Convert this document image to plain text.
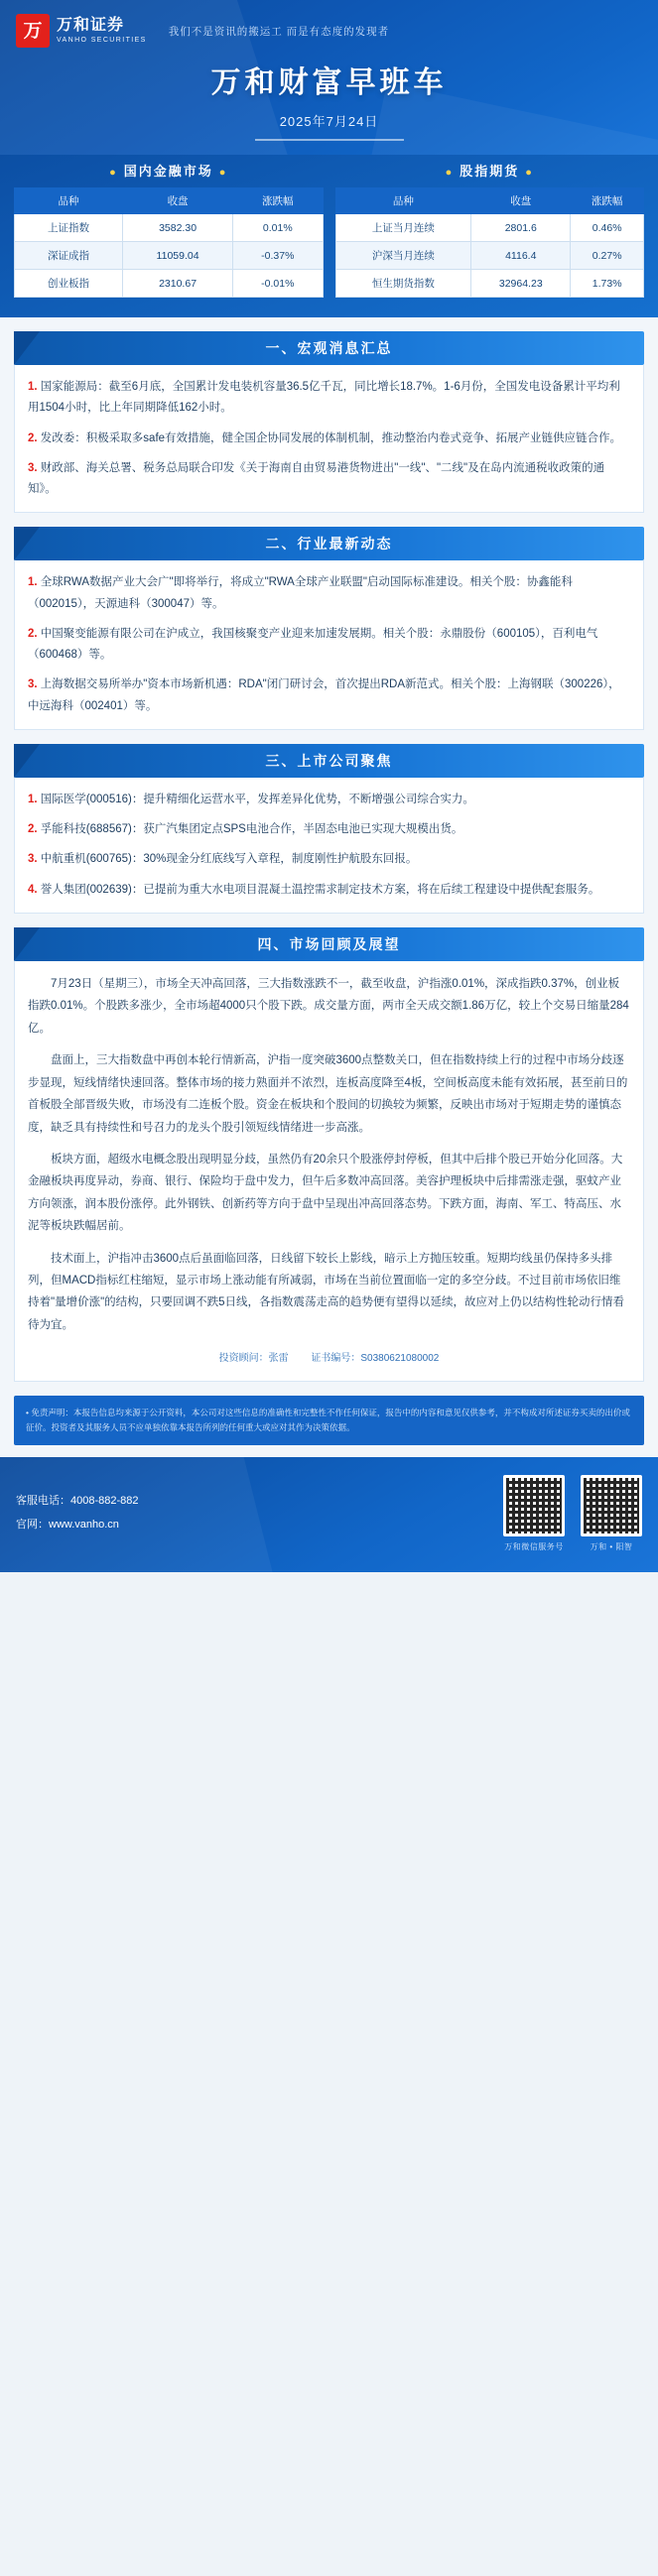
万 万和证券
VANHO SECURITIES
我们不是资讯的搬运工 而是有态度的发现者
万和财富早班车
2025年7月24日
● 国内金融市场 ●
品种	收盘	涨跌幅
上证指数	3582.30	0.01%
深证成指	11059.04	-0.37%
创业板指	2310.67	-0.01%
● 股指期货 ●
品种	收盘	涨跌幅
上证当月连续	2801.6	0.46%
沪深当月连续	4116.4	0.27%
恒生期货指数	32964.23	1.73%
一、宏观消息汇总
1. 国家能源局：截至6月底，全国累计发电装机容量36.5亿千瓦，同比增长18.7%。1-6月份，全国发电设备累计平均利用1504小时，比上年同期降低162小时。
2. 发改委：积极采取多safe有效措施，健全国企协同发展的体制机制，推动整治内卷式竞争、拓展产业链供应链合作。
3. 财政部、海关总署、税务总局联合印发《关于海南自由贸易港货物进出"一线"、"二线"及在岛内流通税收政策的通知》。
二、行业最新动态
1. 全球RWA数据产业大会广"即将举行，将成立"RWA全球产业联盟"启动国际标准建设。相关个股：协鑫能科（002015），天源迪科（300047）等。
2. 中国聚变能源有限公司在沪成立，我国核聚变产业迎来加速发展期。相关个股：永鼎股份（600105），百利电气（600468）等。
3. 上海数据交易所举办"资本市场新机遇：RDA"闭门研讨会，首次提出RDA新范式。相关个股：上海钢联（300226），中远海科（002401）等。
三、上市公司聚焦
1. 国际医学(000516)：提升精细化运营水平，发挥差异化优势，不断增强公司综合实力。
2. 孚能科技(688567)：获广汽集团定点SPS电池合作，半固态电池已实现大规模出货。
3. 中航重机(600765)：30%现金分红底线写入章程，制度刚性护航股东回报。
4. 誉人集团(002639)：已提前为重大水电项目混凝土温控需求制定技术方案，将在后续工程建设中提供配套服务。
四、市场回顾及展望

7月23日（星期三），市场全天冲高回落，三大指数涨跌不一，截至收盘，沪指涨0.01%，深成指跌0.37%，创业板指跌0.01%。个股跌多涨少，全市场超4000只个股下跌。成交量方面，两市全天成交额1.86万亿，较上个交易日缩量284亿。

盘面上，三大指数盘中再创本轮行情新高，沪指一度突破3600点整数关口，但在指数持续上行的过程中市场分歧逐步显现，短线情绪快速回落。整体市场的接力熟面并不浓烈，连板高度降至4板，空间板高度未能有效拓展，甚至前日的首板股全部晋级失败，市场没有二连板个股。资金在板块和个股间的切换较为频繁，反映出市场对于短期走势的谨慎态度，缺乏具有持续性和号召力的龙头个股引领短线情绪进一步高涨。

板块方面，超级水电概念股出现明显分歧，虽然仍有20余只个股涨停封停板，但其中后排个股已开始分化回落。大金融板块再度异动，券商、银行、保险均于盘中发力，但午后多数冲高回落。美容护理板块中后排需涨走强，驱蚊产业方向领涨，润本股份涨停。此外钢铁、创新药等方向于盘中呈现出冲高回落态势。下跌方面，海南、军工、特高压、水泥等板块跌幅居前。

技术面上，沪指冲击3600点后虽面临回落，日线留下较长上影线，暗示上方抛压较重。短期均线虽仍保持多头排列，但MACD指标红柱缩短，显示市场上涨动能有所减弱，市场在当前位置面临一定的多空分歧。不过目前市场依旧维持着"量增价涨"的结构，只要回调不跌5日线，各指数震荡走高的趋势便有望得以延续，故应对上仍以结构性轮动行情看待为宜。

投资顾问：张雷 证书编号：S0380621080002
• 免责声明：本报告信息均来源于公开资料，本公司对这些信息的准确性和完整性不作任何保证，报告中的内容和意见仅供参考，并不构成对所述证券买卖的出价或征价。投资者及其服务人员不应单独依靠本报告所列的任何重大或应对其作为决策依据。
客服电话：4008-882-882
官网：www.vanho.cn
万和微信服务号	万和 • 阳智
